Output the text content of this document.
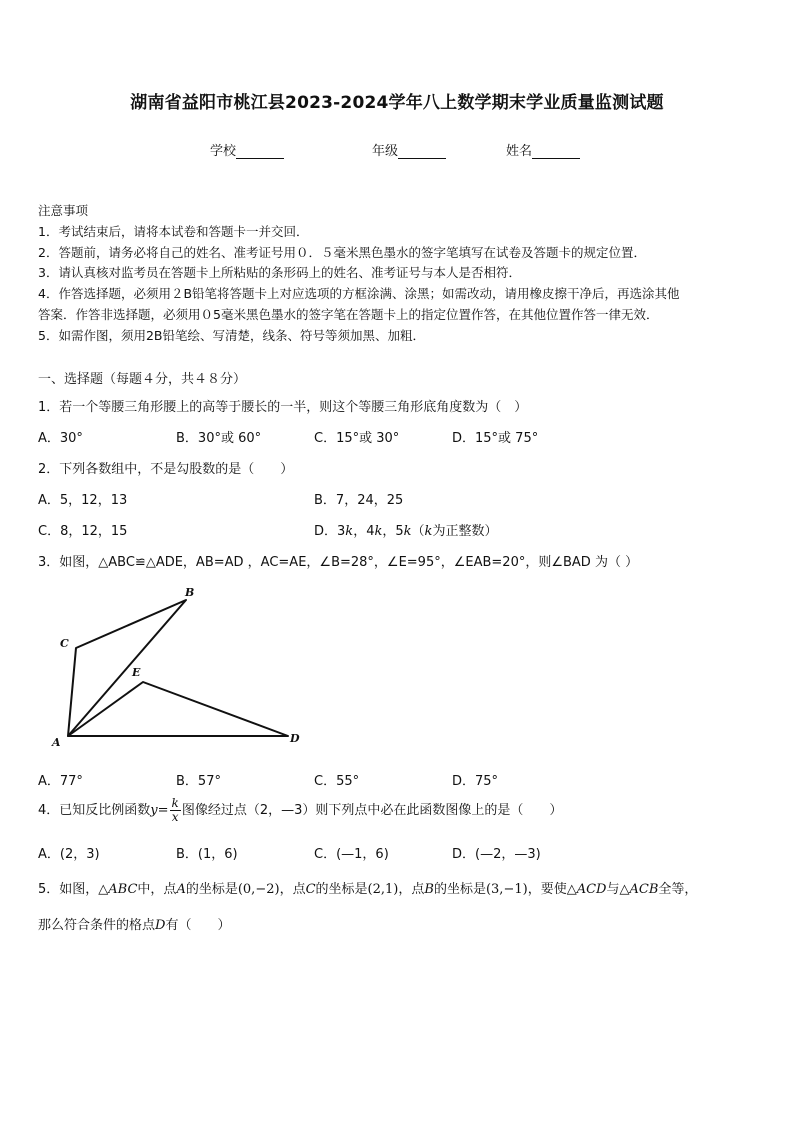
湖南省益阳市桃江县2023-2024学年八上数学期末学业质量监测试题
学校	年级	姓名
注意事项
1．考试结束后，请将本试卷和答题卡一并交回．
2．答题前，请务必将自己的姓名、准考证号用０．５毫米黑色墨水的签字笔填写在试卷及答题卡的规定位置．
3．请认真核对监考员在答题卡上所粘贴的条形码上的姓名、准考证号与本人是否相符．
4．作答选择题，必须用２B铅笔将答题卡上对应选项的方框涂满、涂黑；如需改动，请用橡皮擦干净后，再选涂其他
答案．作答非选择题，必须用０5毫米黑色墨水的签字笔在答题卡上的指定位置作答，在其他位置作答一律无效．
5．如需作图，须用2B铅笔绘、写清楚，线条、符号等须加黑、加粗．
一、选择题（每题４分，共４８分）
1．若一个等腰三角形腰上的高等于腰长的一半，则这个等腰三角形底角度数为（　）
A．30°	B．30°或 60°	C．15°或 30°	D．15°或 75°
2．下列各数组中，不是勾股数的是（　　）
A．5，12，13	B．7，24，25
C．8，12，15	D．3k，4k，5k（k为正整数）
3．如图，△ABC≌△ADE，AB=AD ，AC=AE，∠B=28°，∠E=95°，∠EAB=20°，则∠BAD 为（ ）
A
B
C
D
E
A．77°	B．57°	C．55°	D．75°
4．已知反比例函数$y= \frac{k}{x}$ 图像经过点（2，—3）则下列点中必在此函数图像上的是（　　）
A．(2，3)	B．(1，6)	C．(—1，6)	D．(—2，—3)
5．如图，△ABC中，点A的坐标是(0,−2)，点C的坐标是(2,1)，点B的坐标是(3,−1)，要使△ACD与△ACB全等，
那么符合条件的格点D有（　　）
